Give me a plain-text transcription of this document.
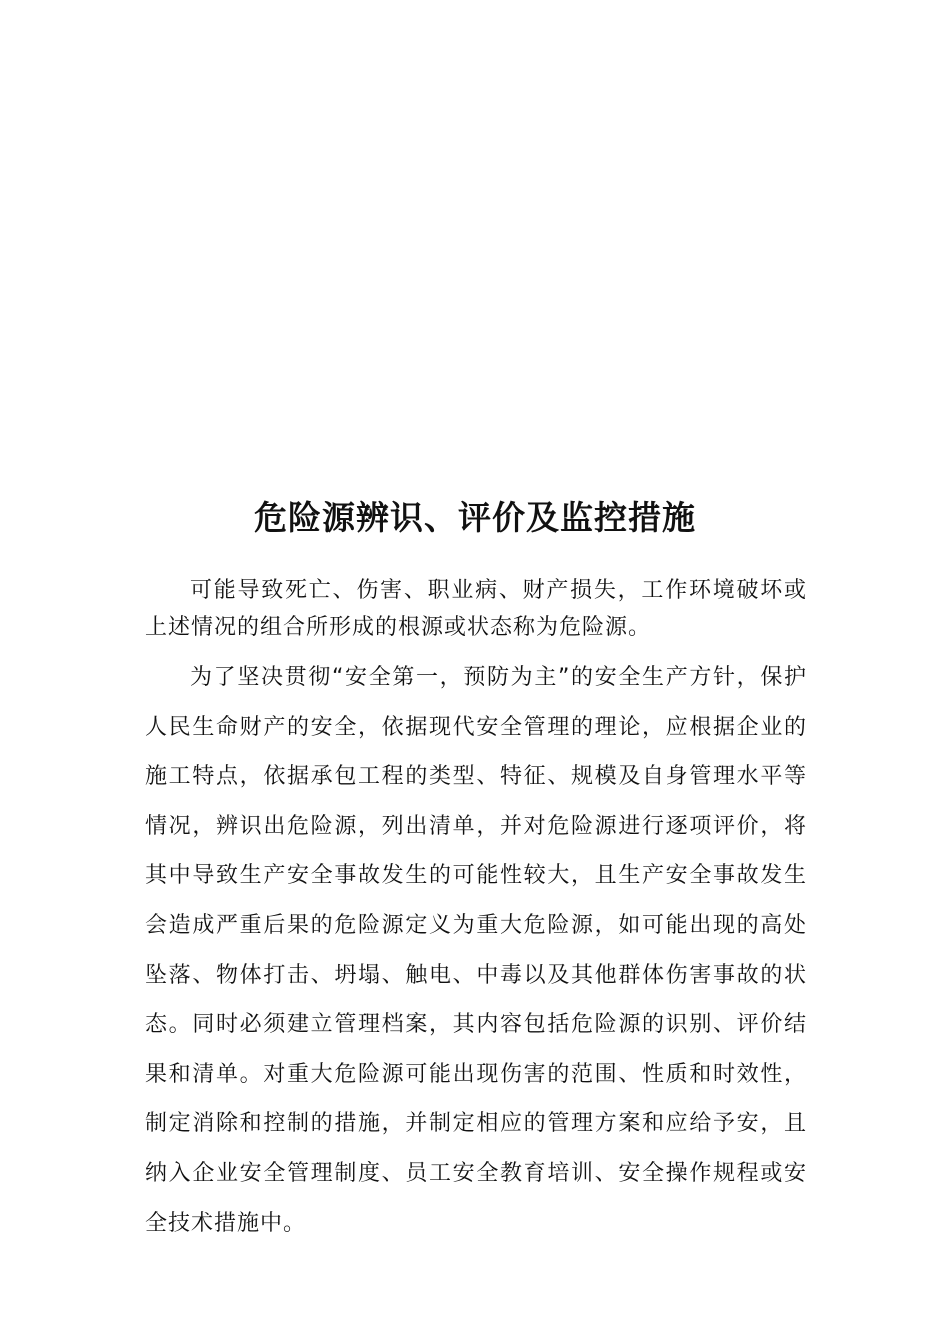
危险源辨识、评价及监控措施

可能导致死亡、伤害、职业病、财产损失，工作环境破坏或上述情况的组合所形成的根源或状态称为危险源。

为了坚决贯彻“安全第一，预防为主”的安全生产方针，保护人民生命财产的安全，依据现代安全管理的理论，应根据企业的施工特点，依据承包工程的类型、特征、规模及自身管理水平等情况，辨识出危险源，列出清单，并对危险源进行逐项评价，将其中导致生产安全事故发生的可能性较大，且生产安全事故发生会造成严重后果的危险源定义为重大危险源，如可能出现的高处坠落、物体打击、坍塌、触电、中毒以及其他群体伤害事故的状态。同时必须建立管理档案，其内容包括危险源的识别、评价结果和清单。对重大危险源可能出现伤害的范围、性质和时效性，制定消除和控制的措施，并制定相应的管理方案和应给予安，且纳入企业安全管理制度、员工安全教育培训、安全操作规程或安全技术措施中。
